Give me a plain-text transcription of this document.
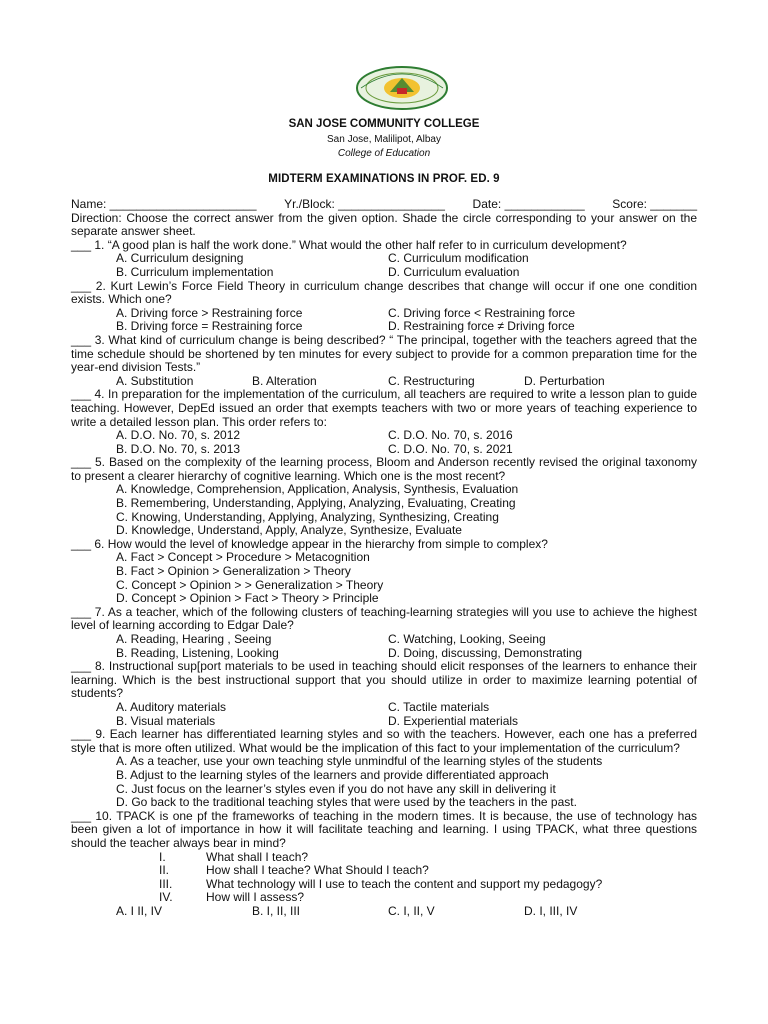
SAN JOSE COMMUNITY COLLEGE
San Jose, Malilipot, Albay
College of Education
MIDTERM EXAMINATIONS IN PROF. ED. 9
Name: ______________________ Yr./Block: ________________ Date: ____________ Score: _______

Direction: Choose the correct answer from the given option. Shade the circle corresponding to your answer on the separate answer sheet.

___ 1. “A good plan is half the work done.” What would the other half refer to in curriculum development?

A. Curriculum designing	C. Curriculum modification
B. Curriculum implementation	D. Curriculum evaluation

___ 2. Kurt Lewin’s Force Field Theory in curriculum change describes that change will occur if one one condition exists. Which one?

A. Driving force > Restraining force	C. Driving force < Restraining force
B. Driving force = Restraining force	D. Restraining force ≠ Driving force

___ 3. What kind of curriculum change is being described? “ The principal, together with the teachers agreed that the time schedule should be shortened by ten minutes for every subject to provide for a common preparation time for the year-end division Tests.”

A. Substitution	B. Alteration	C. Restructuring	D. Perturbation

___ 4. In preparation for the implementation of the curriculum, all teachers are required to write a lesson plan to guide teaching. However, DepEd issued an order that exempts teachers with two or more years of teaching experience to write a detailed lesson plan. This order refers to:

A. D.O. No. 70, s. 2012	C. D.O. No. 70, s. 2016
B. D.O. No. 70, s. 2013	C. D.O. No. 70, s. 2021

___ 5. Based on the complexity of the learning process, Bloom and Anderson recently revised the original taxonomy to present a clearer hierarchy of cognitive learning. Which one is the most recent?

A. Knowledge, Comprehension, Application, Analysis, Synthesis, Evaluation
B. Remembering, Understanding, Applying, Analyzing, Evaluating, Creating
C. Knowing, Understanding, Applying, Analyzing, Synthesizing, Creating
D. Knowledge, Understand, Apply, Analyze, Synthesize, Evaluate

___ 6. How would the level of knowledge appear in the hierarchy from simple to complex?

A. Fact > Concept > Procedure > Metacognition
B. Fact > Opinion > Generalization > Theory
C. Concept > Opinion > > Generalization > Theory
D. Concept > Opinion > Fact > Theory > Principle

___ 7. As a teacher, which of the following clusters of teaching-learning strategies will you use to achieve the highest level of learning according to Edgar Dale?

A. Reading, Hearing , Seeing	C. Watching, Looking, Seeing
B. Reading, Listening, Looking	D. Doing, discussing, Demonstrating

___ 8. Instructional sup[port materials to be used in teaching should elicit responses of the learners to enhance their learning. Which is the best instructional support that you should utilize in order to maximize learning potential of students?

A. Auditory materials	C. Tactile materials
B. Visual materials	D. Experiential materials

___ 9. Each learner has differentiated learning styles and so with the teachers. However, each one has a preferred style that is more often utilized. What would be the implication of this fact to your implementation of the curriculum?

A. As a teacher, use your own teaching style unmindful of the learning styles of the students
B. Adjust to the learning styles of the learners and provide differentiated approach
C. Just focus on the learner’s styles even if you do not have any skill in delivering it
D. Go back to the traditional teaching styles that were used by the teachers in the past.

___ 10. TPACK is one pf the frameworks of teaching in the modern times. It is because, the use of technology has been given a lot of importance in how it will facilitate teaching and learning. I using TPACK, what three questions should the teacher always bear in mind?

I.	What shall I teach?
II.	How shall I teache? What Should I teach?
III.	What technology will I use to teach the content and support my pedagogy?
IV.	How will I assess?
A. I II, IV	B. I, II, III	C. I, II, V	D. I, III, IV
